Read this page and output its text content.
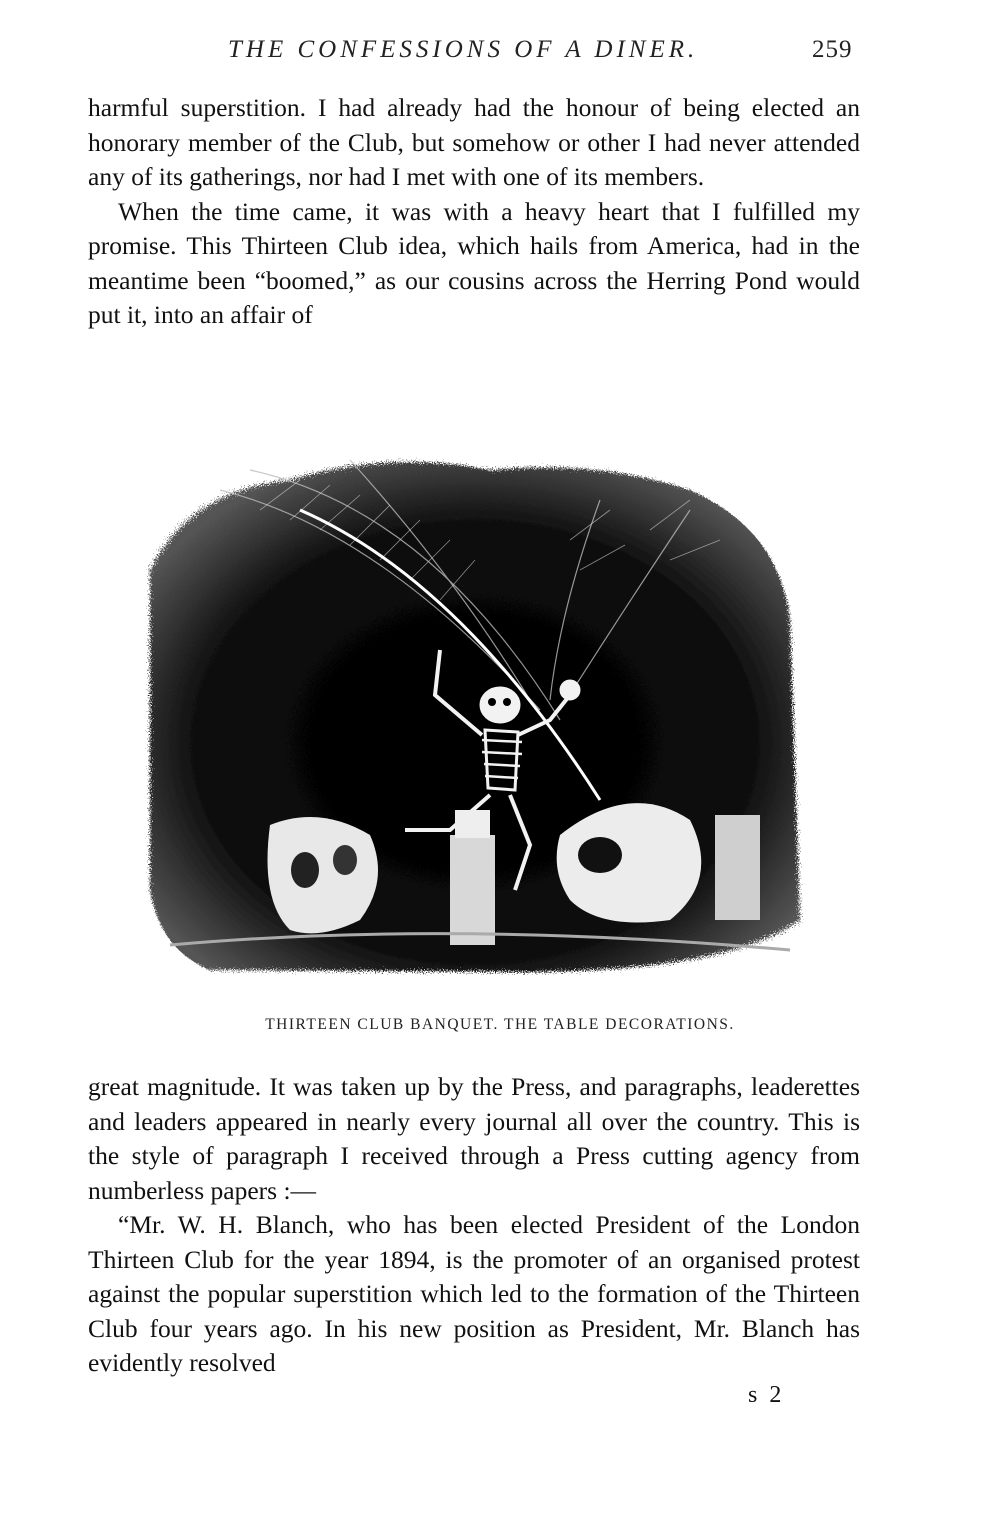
THE CONFESSIONS OF A DINER.	259

harmful superstition. I had already had the honour of being elected an honorary member of the Club, but somehow or other I had never attended any of its gatherings, nor had I met with one of its members.

When the time came, it was with a heavy heart that I fulfilled my promise. This Thirteen Club idea, which hails from America, had in the meantime been “boomed,” as our cousins across the Herring Pond would put it, into an affair of

THIRTEEN CLUB BANQUET. THE TABLE DECORATIONS.

great magnitude. It was taken up by the Press, and paragraphs, leaderettes and leaders appeared in nearly every journal all over the country. This is the style of paragraph I received through a Press cutting agency from numberless papers :—

“Mr. W. H. Blanch, who has been elected President of the London Thirteen Club for the year 1894, is the promoter of an organised protest against the popular superstition which led to the formation of the Thirteen Club four years ago. In his new position as President, Mr. Blanch has evidently resolved

s 2
